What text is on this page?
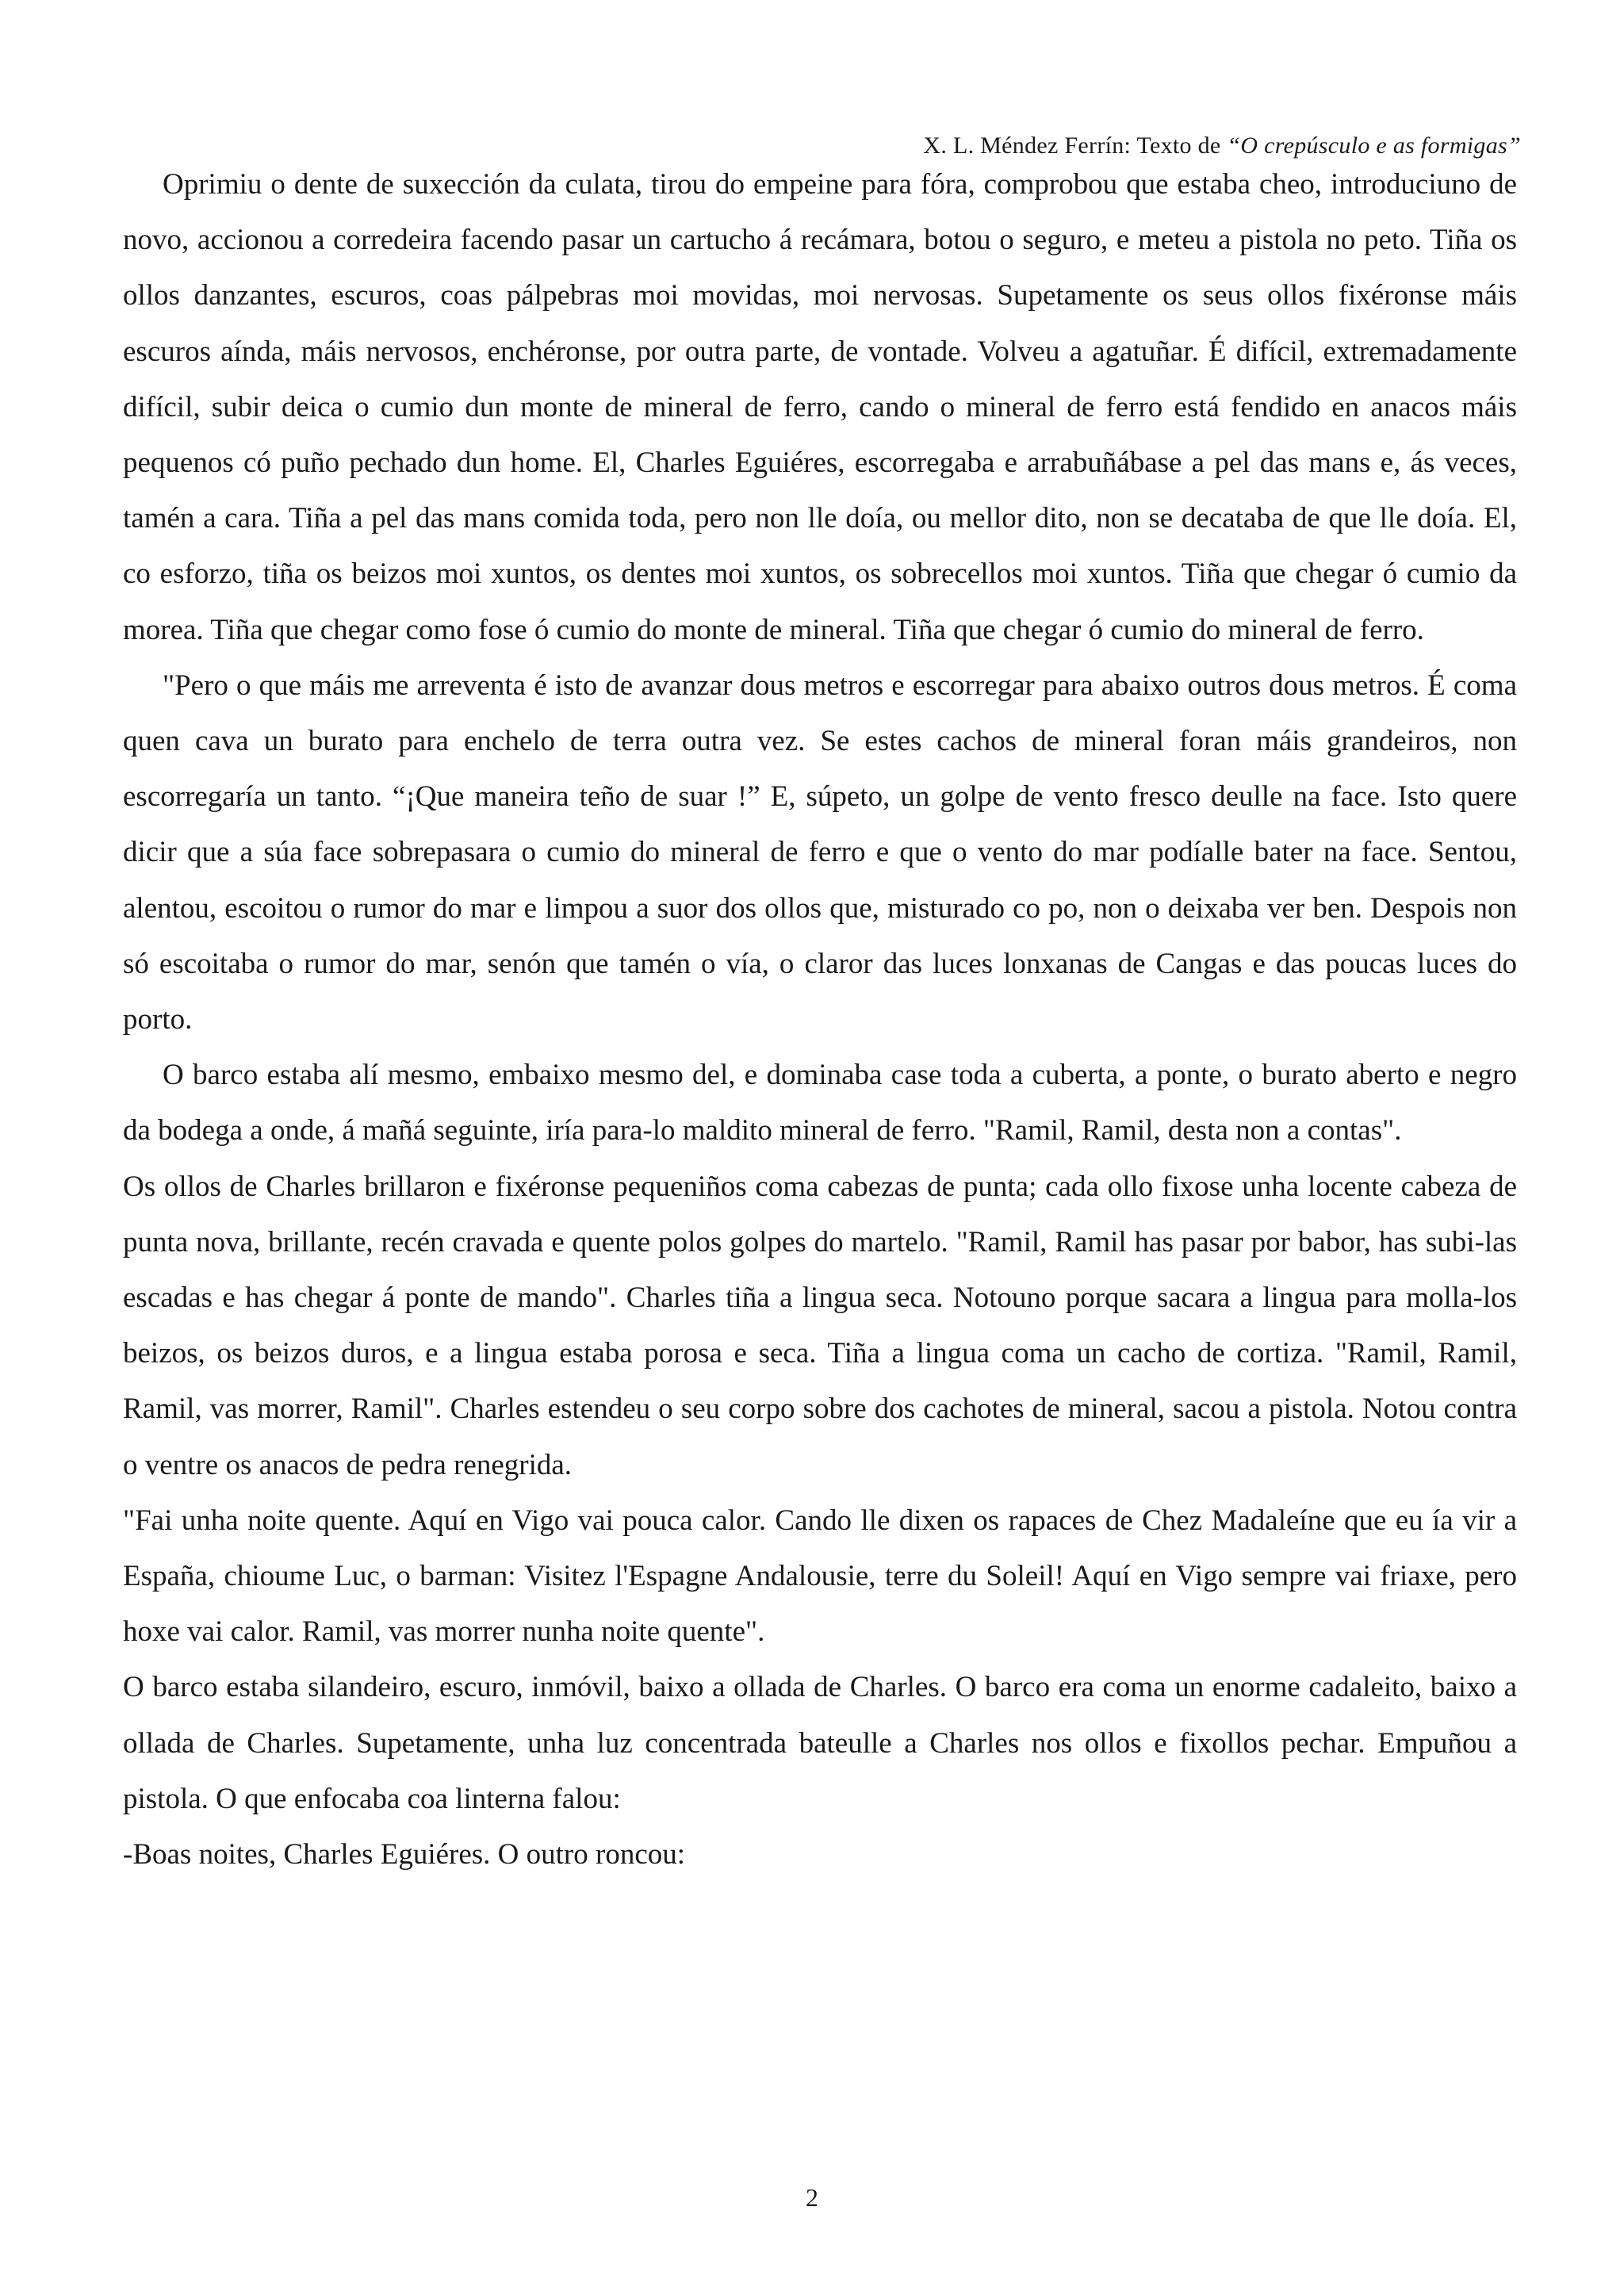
X. L. Méndez Ferrín: Texto de “O crepúsculo e as formigas”

Oprimiu o dente de suxección da culata, tirou do empeine para fóra, comprobou que estaba cheo, introduciuno de novo, accionou a corredeira facendo pasar un cartucho á recámara, botou o seguro, e meteu a pistola no peto. Tiña os ollos danzantes, escuros, coas pálpebras moi movidas, moi nervosas. Supetamente os seus ollos fixéronse máis escuros aínda, máis nervosos, enchéronse, por outra parte, de vontade. Volveu a agatuñar. É difícil, extremadamente difícil, subir deica o cumio dun monte de mineral de ferro, cando o mineral de ferro está fendido en anacos máis pequenos có puño pechado dun home. El, Charles Eguiéres, escorregaba e arrabuñábase a pel das mans e, ás veces, tamén a cara. Tiña a pel das mans comida toda, pero non lle doía, ou mellor dito, non se decataba de que lle doía. El, co esforzo, tiña os beizos moi xuntos, os dentes moi xuntos, os sobrecellos moi xuntos. Tiña que chegar ó cumio da morea. Tiña que chegar como fose ó cumio do monte de mineral. Tiña que chegar ó cumio do mineral de ferro.

"Pero o que máis me arreventa é isto de avanzar dous metros e escorregar para abaixo outros dous metros. É coma quen cava un burato para enchelo de terra outra vez. Se estes cachos de mineral foran máis grandeiros, non escorregaría un tanto. “¡Que maneira teño de suar !” E, súpeto, un golpe de vento fresco deulle na face. Isto quere dicir que a súa face sobrepasara o cumio do mineral de ferro e que o vento do mar podíalle bater na face. Sentou, alentou, escoitou o rumor do mar e limpou a suor dos ollos que, misturado co po, non o deixaba ver ben. Despois non só escoitaba o rumor do mar, senón que tamén o vía, o claror das luces lonxanas de Cangas e das poucas luces do porto.

O barco estaba alí mesmo, embaixo mesmo del, e dominaba case toda a cuberta, a ponte, o burato aberto e negro da bodega a onde, á mañá seguinte, iría para-lo maldito mineral de ferro. "Ramil, Ramil, desta non a contas".

Os ollos de Charles brillaron e fixéronse pequeniños coma cabezas de punta; cada ollo fixose unha locente cabeza de punta nova, brillante, recén cravada e quente polos golpes do martelo. "Ramil, Ramil has pasar por babor, has subi-las escadas e has chegar á ponte de mando". Charles tiña a lingua seca. Notouno porque sacara a lingua para molla-los beizos, os beizos duros, e a lingua estaba porosa e seca. Tiña a lingua coma un cacho de cortiza. "Ramil, Ramil, Ramil, vas morrer, Ramil". Charles estendeu o seu corpo sobre dos cachotes de mineral, sacou a pistola. Notou contra o ventre os anacos de pedra renegrida.

"Fai unha noite quente. Aquí en Vigo vai pouca calor. Cando lle dixen os rapaces de Chez Madaleíne que eu ía vir a España, chioume Luc, o barman: Visitez l'Espagne Andalousie, terre du Soleil! Aquí en Vigo sempre vai friaxe, pero hoxe vai calor. Ramil, vas morrer nunha noite quente".

O barco estaba silandeiro, escuro, inmóvil, baixo a ollada de Charles. O barco era coma un enorme cadaleito, baixo a ollada de Charles. Supetamente, unha luz concentrada bateulle a Charles nos ollos e fixollos pechar. Empuñou a pistola. O que enfocaba coa linterna falou:

-Boas noites, Charles Eguiéres. O outro roncou:

2
